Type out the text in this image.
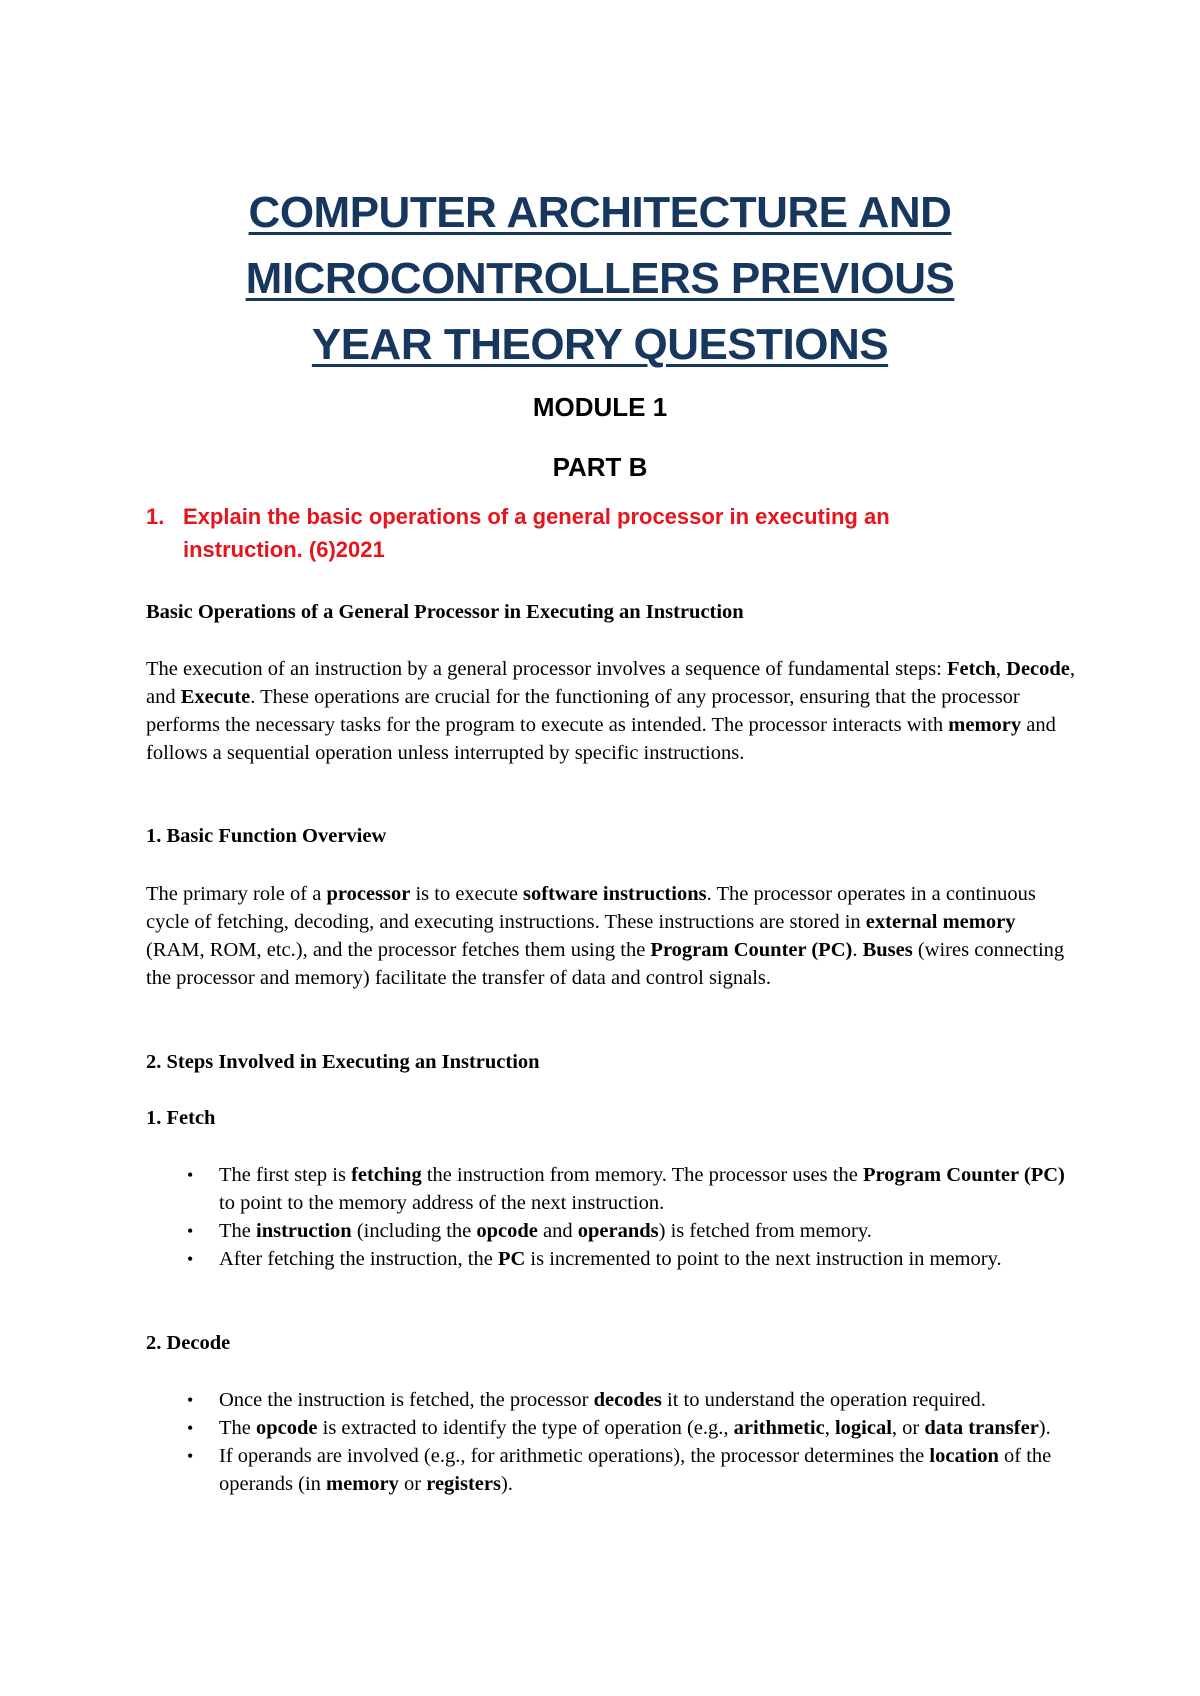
COMPUTER ARCHITECTURE AND
MICROCONTROLLERS PREVIOUS
YEAR THEORY QUESTIONS
MODULE 1
PART B
1. Explain the basic operations of a general processor in executing an
instruction. (6)2021

Basic Operations of a General Processor in Executing an Instruction

The execution of an instruction by a general processor involves a sequence of fundamental steps: Fetch, Decode, and Execute. These operations are crucial for the functioning of any processor, ensuring that the processor performs the necessary tasks for the program to execute as intended. The processor interacts with memory and follows a sequential operation unless interrupted by specific instructions.

1. Basic Function Overview

The primary role of a processor is to execute software instructions. The processor operates in a continuous cycle of fetching, decoding, and executing instructions. These instructions are stored in external memory (RAM, ROM, etc.), and the processor fetches them using the Program Counter (PC). Buses (wires connecting the processor and memory) facilitate the transfer of data and control signals.

2. Steps Involved in Executing an Instruction

1. Fetch

• The first step is fetching the instruction from memory. The processor uses the Program Counter (PC) to point to the memory address of the next instruction.
• The instruction (including the opcode and operands) is fetched from memory.
• After fetching the instruction, the PC is incremented to point to the next instruction in memory.

2. Decode

• Once the instruction is fetched, the processor decodes it to understand the operation required.
• The opcode is extracted to identify the type of operation (e.g., arithmetic, logical, or data transfer).
• If operands are involved (e.g., for arithmetic operations), the processor determines the location of the operands (in memory or registers).
